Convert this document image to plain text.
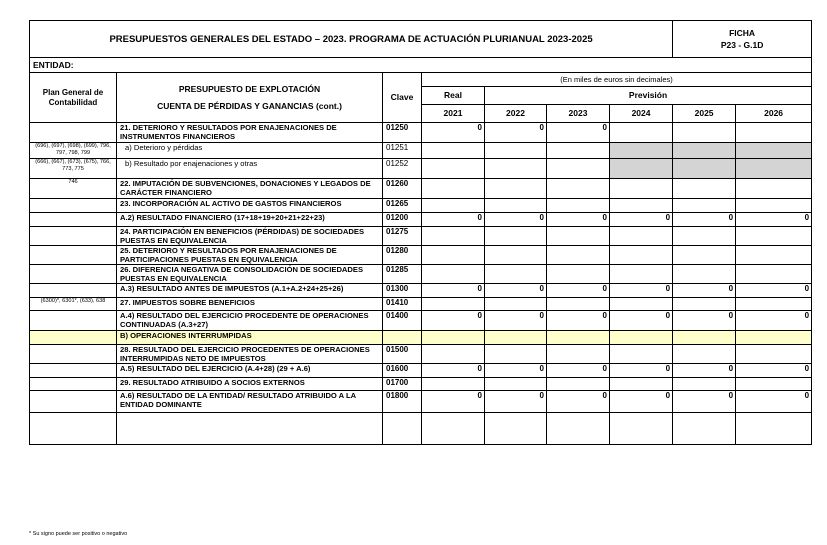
PRESUPUESTOS GENERALES DEL ESTADO – 2023. PROGRAMA DE ACTUACIÓN PLURIANUAL 2023-2025							FICHA
P23 - G.1D	

ENTIDAD:								
Plan General de Contabilidad	PRESUPUESTO DE EXPLOTACIÓN
CUENTA DE PÉRDIDAS Y GANANCIAS (cont.)	Clave	(En miles de euros sin decimales)					
			Real	Previsión				
			2021	2022	2023	2024	2025	2026
	21. DETERIORO Y RESULTADOS POR ENAJENACIONES DE INSTRUMENTOS FINANCIEROS	01250	0	0	0			
(696), (697), (698), (699), 796, 797, 798, 799	a) Deterioro y pérdidas	01251						
(666), (667), (673), (675), 766, 773, 775	b) Resultado por enajenaciones y otras	01252						
746	22. IMPUTACIÓN DE SUBVENCIONES, DONACIONES Y LEGADOS DE CARÁCTER FINANCIERO	01260						
	23. INCORPORACIÓN AL ACTIVO DE GASTOS FINANCIEROS	01265						
	A.2) RESULTADO FINANCIERO (17+18+19+20+21+22+23)	01200	0	0	0	0	0	0
	24. PARTICIPACIÓN EN BENEFICIOS (PÉRDIDAS) DE SOCIEDADES PUESTAS EN EQUIVALENCIA	01275						
	25. DETERIORO Y RESULTADOS POR ENAJENACIONES DE PARTICIPACIONES PUESTAS EN EQUIVALENCIA	01280						
	26. DIFERENCIA NEGATIVA DE CONSOLIDACIÓN DE SOCIEDADES PUESTAS EN EQUIVALENCIA	01285						
	A.3) RESULTADO ANTES DE IMPUESTOS (A.1+A.2+24+25+26)	01300	0	0	0	0	0	0
(6300)*, 6301*, (633), 638	27. IMPUESTOS SOBRE BENEFICIOS	01410						
	A.4) RESULTADO DEL EJERCICIO PROCEDENTE DE OPERACIONES CONTINUADAS (A.3+27)	01400	0	0	0	0	0	0
	B) OPERACIONES INTERRUMPIDAS							
	28. RESULTADO DEL EJERCICIO PROCEDENTES DE OPERACIONES INTERRUMPIDAS NETO DE IMPUESTOS	01500						
	A.5) RESULTADO DEL EJERCICIO (A.4+28) (29 + A.6)	01600	0	0	0	0	0	0
	29. RESULTADO ATRIBUIDO A SOCIOS EXTERNOS	01700						
	A.6) RESULTADO DE LA ENTIDAD/ RESULTADO ATRIBUIDO A LA ENTIDAD DOMINANTE	01800	0	0	0	0	0	0

* Su signo puede ser positivo o negativo
